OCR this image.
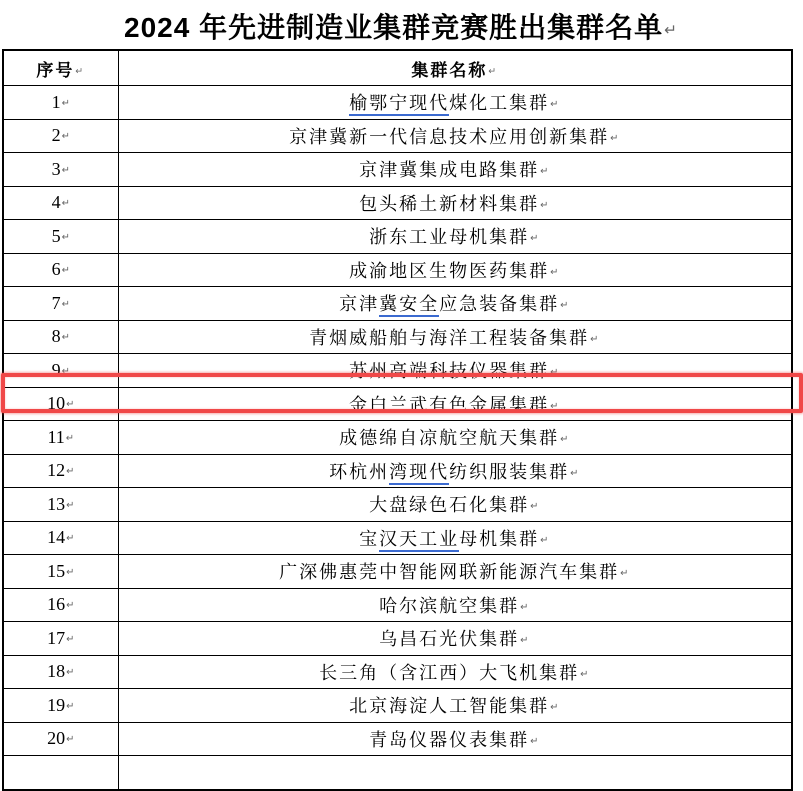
2024 年先进制造业集群竞赛胜出集群名单↵
序号↵	集群名称↵
1↵	榆鄂宁现代煤化工集群↵
2↵	京津冀新一代信息技术应用创新集群↵
3↵	京津冀集成电路集群↵
4↵	包头稀土新材料集群↵
5↵	浙东工业母机集群↵
6↵	成渝地区生物医药集群↵
7↵	京津冀安全应急装备集群↵
8↵	青烟威船舶与海洋工程装备集群↵
9↵	苏州高端科技仪器集群↵
10↵	金白兰武有色金属集群↵
11↵	成德绵自凉航空航天集群↵
12↵	环杭州湾现代纺织服装集群↵
13↵	大盘绿色石化集群↵
14↵	宝汉天工业母机集群↵
15↵	广深佛惠莞中智能网联新能源汽车集群↵
16↵	哈尔滨航空集群↵
17↵	乌昌石光伏集群↵
18↵	长三角（含江西）大飞机集群↵
19↵	北京海淀人工智能集群↵
20↵	青岛仪器仪表集群↵
